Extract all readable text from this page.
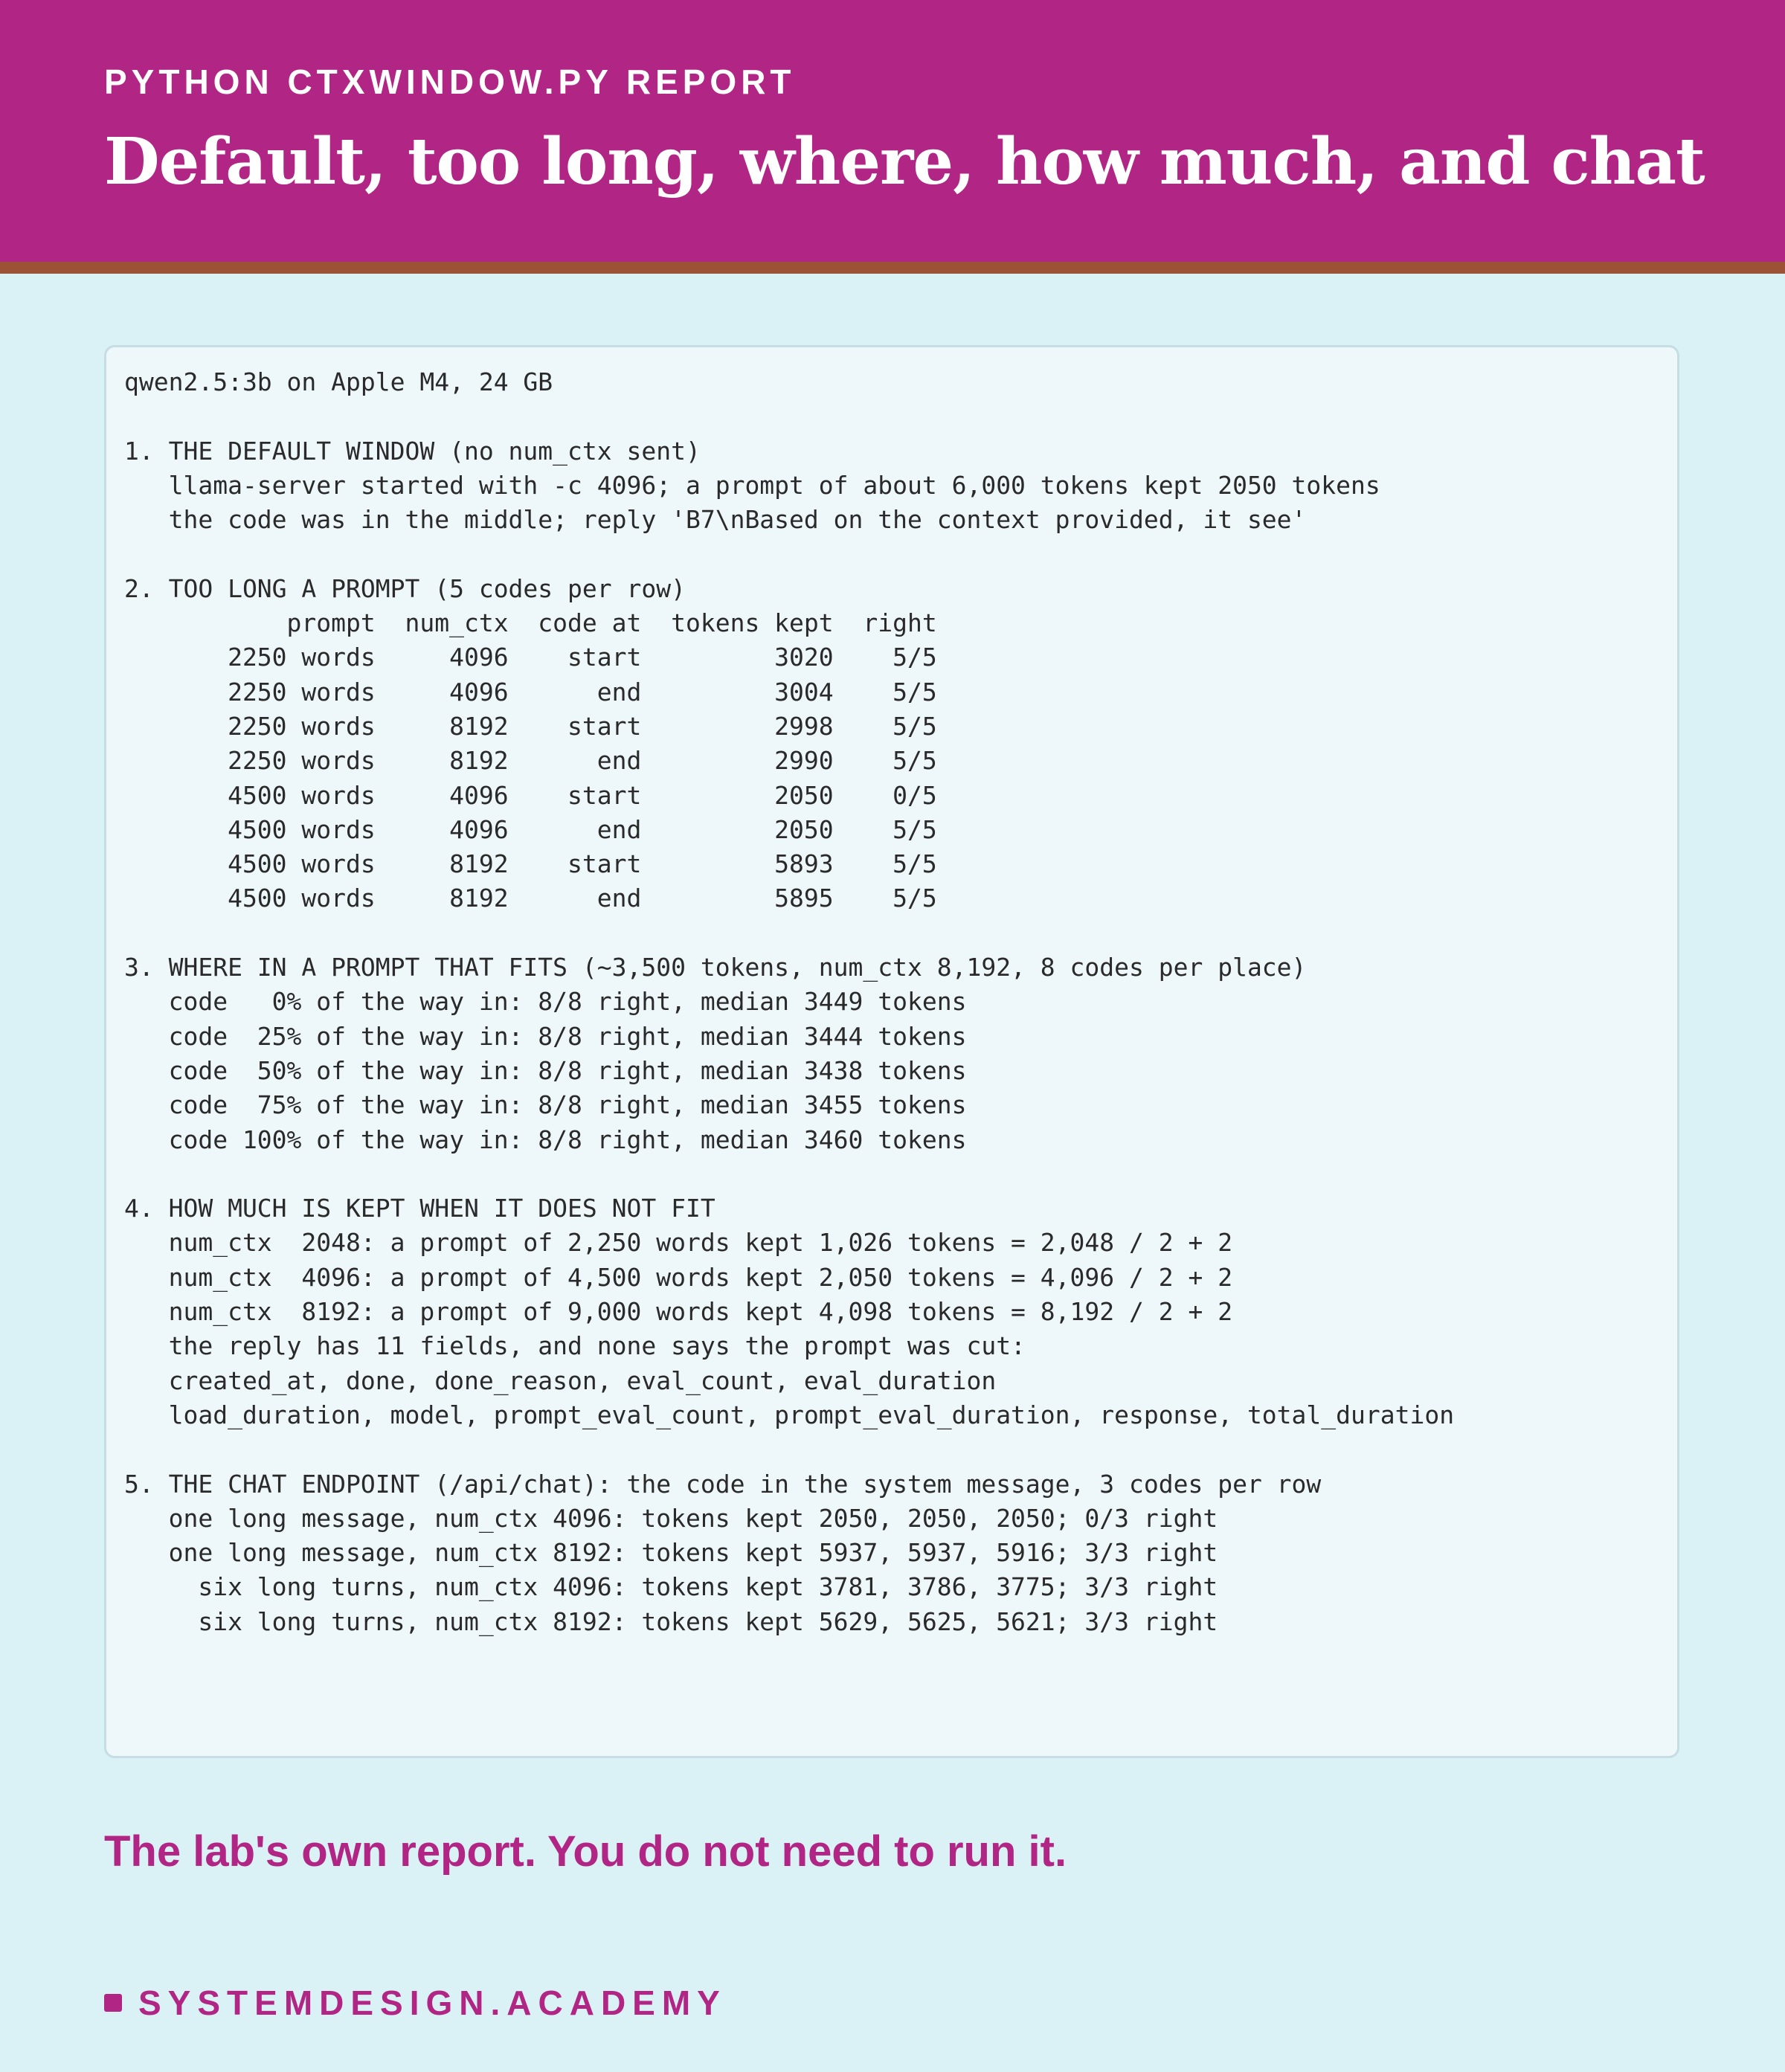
PYTHON CTXWINDOW.PY REPORT
Default, too long, where, how much, and chat
qwen2.5:3b on Apple M4, 24 GB

1. THE DEFAULT WINDOW (no num_ctx sent)
llama-server started with -c 4096; a prompt of about 6,000 tokens kept 2050 tokens
the code was in the middle; reply 'B7\nBased on the context provided, it see'

2. TOO LONG A PROMPT (5 codes per row)
prompt  num_ctx  code at  tokens kept  right
2250 words     4096    start         3020    5/5
2250 words     4096      end         3004    5/5
2250 words     8192    start         2998    5/5
2250 words     8192      end         2990    5/5
4500 words     4096    start         2050    0/5
4500 words     4096      end         2050    5/5
4500 words     8192    start         5893    5/5
4500 words     8192      end         5895    5/5

3. WHERE IN A PROMPT THAT FITS (~3,500 tokens, num_ctx 8,192, 8 codes per place)
code   0% of the way in: 8/8 right, median 3449 tokens
code  25% of the way in: 8/8 right, median 3444 tokens
code  50% of the way in: 8/8 right, median 3438 tokens
code  75% of the way in: 8/8 right, median 3455 tokens
code 100% of the way in: 8/8 right, median 3460 tokens

4. HOW MUCH IS KEPT WHEN IT DOES NOT FIT
num_ctx  2048: a prompt of 2,250 words kept 1,026 tokens = 2,048 / 2 + 2
num_ctx  4096: a prompt of 4,500 words kept 2,050 tokens = 4,096 / 2 + 2
num_ctx  8192: a prompt of 9,000 words kept 4,098 tokens = 8,192 / 2 + 2
the reply has 11 fields, and none says the prompt was cut:
created_at, done, done_reason, eval_count, eval_duration
load_duration, model, prompt_eval_count, prompt_eval_duration, response, total_duration

5. THE CHAT ENDPOINT (/api/chat): the code in the system message, 3 codes per row
one long message, num_ctx 4096: tokens kept 2050, 2050, 2050; 0/3 right
one long message, num_ctx 8192: tokens kept 5937, 5937, 5916; 3/3 right
six long turns, num_ctx 4096: tokens kept 3781, 3786, 3775; 3/3 right
six long turns, num_ctx 8192: tokens kept 5629, 5625, 5621; 3/3 right
The lab's own report. You do not need to run it.
SYSTEMDESIGN.ACADEMY
